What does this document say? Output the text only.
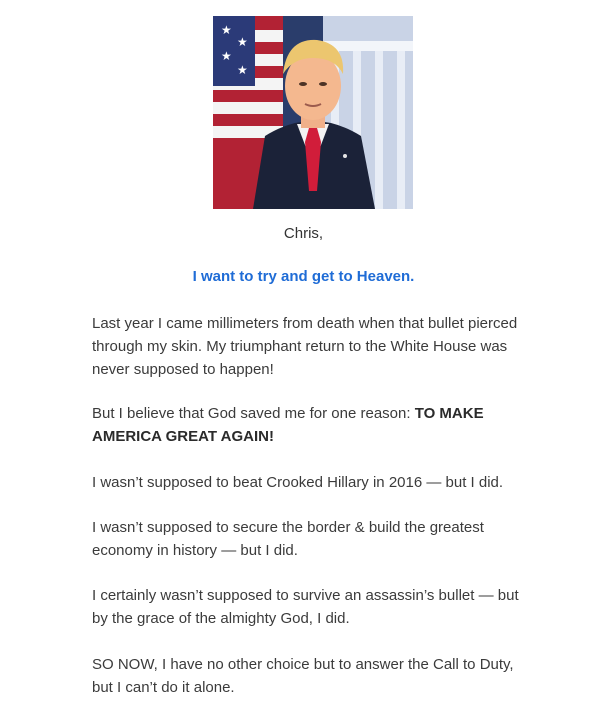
★
★
★
★
Chris,
I want to try and get to Heaven.

Last year I came millimeters from death when that bullet pierced through my skin. My triumphant return to the White House was never supposed to happen!

But I believe that God saved me for one reason: TO MAKE AMERICA GREAT AGAIN!

I wasn’t supposed to beat Crooked Hillary in 2016 — but I did.

I wasn’t supposed to secure the border & build the greatest economy in history — but I did.

I certainly wasn’t supposed to survive an assassin’s bullet — but by the grace of the almighty God, I did.

SO NOW, I have no other choice but to answer the Call to Duty, but I can’t do it alone.
